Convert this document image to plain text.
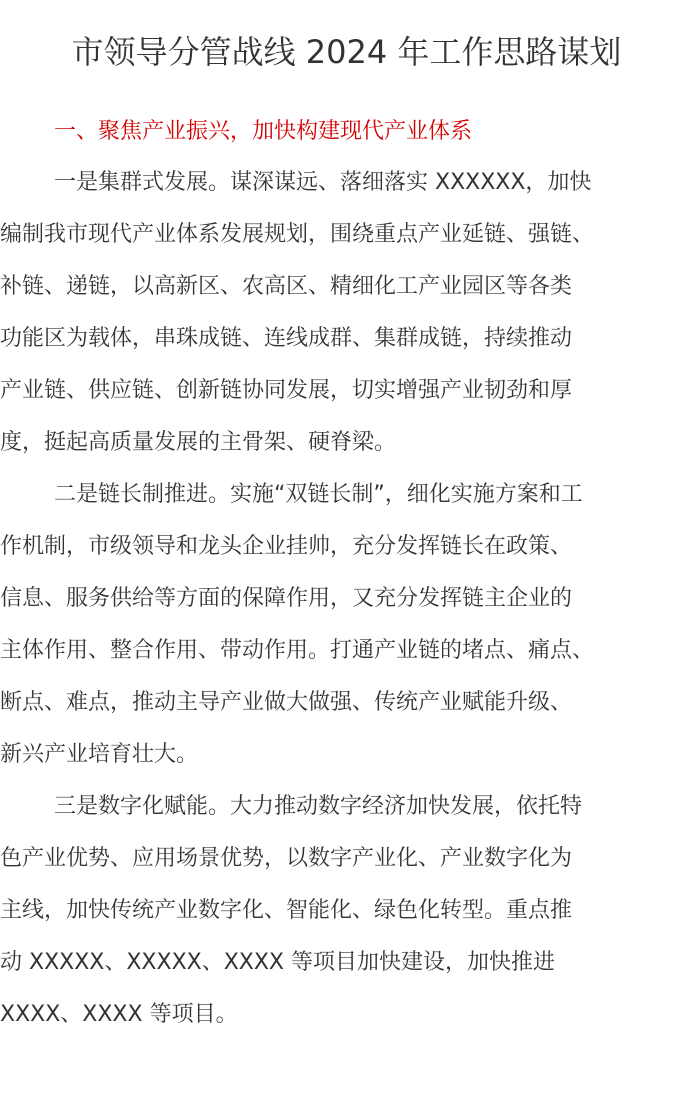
市领导分管战线 2024 年工作思路谋划
一、聚焦产业振兴，加快构建现代产业体系
一是集群式发展。谋深谋远、落细落实 XXXXXX，加快
编制我市现代产业体系发展规划，围绕重点产业延链、强链、
补链、递链，以高新区、农高区、精细化工产业园区等各类
功能区为载体，串珠成链、连线成群、集群成链，持续推动
产业链、供应链、创新链协同发展，切实增强产业韧劲和厚
度，挺起高质量发展的主骨架、硬脊梁。
二是链长制推进。实施“双链长制”，细化实施方案和工
作机制，市级领导和龙头企业挂帅，充分发挥链长在政策、
信息、服务供给等方面的保障作用，又充分发挥链主企业的
主体作用、整合作用、带动作用。打通产业链的堵点、痛点、
断点、难点，推动主导产业做大做强、传统产业赋能升级、
新兴产业培育壮大。
三是数字化赋能。大力推动数字经济加快发展，依托特
色产业优势、应用场景优势，以数字产业化、产业数字化为
主线，加快传统产业数字化、智能化、绿色化转型。重点推
动 XXXXX、XXXXX、XXXX 等项目加快建设，加快推进
XXXX、XXXX 等项目。
